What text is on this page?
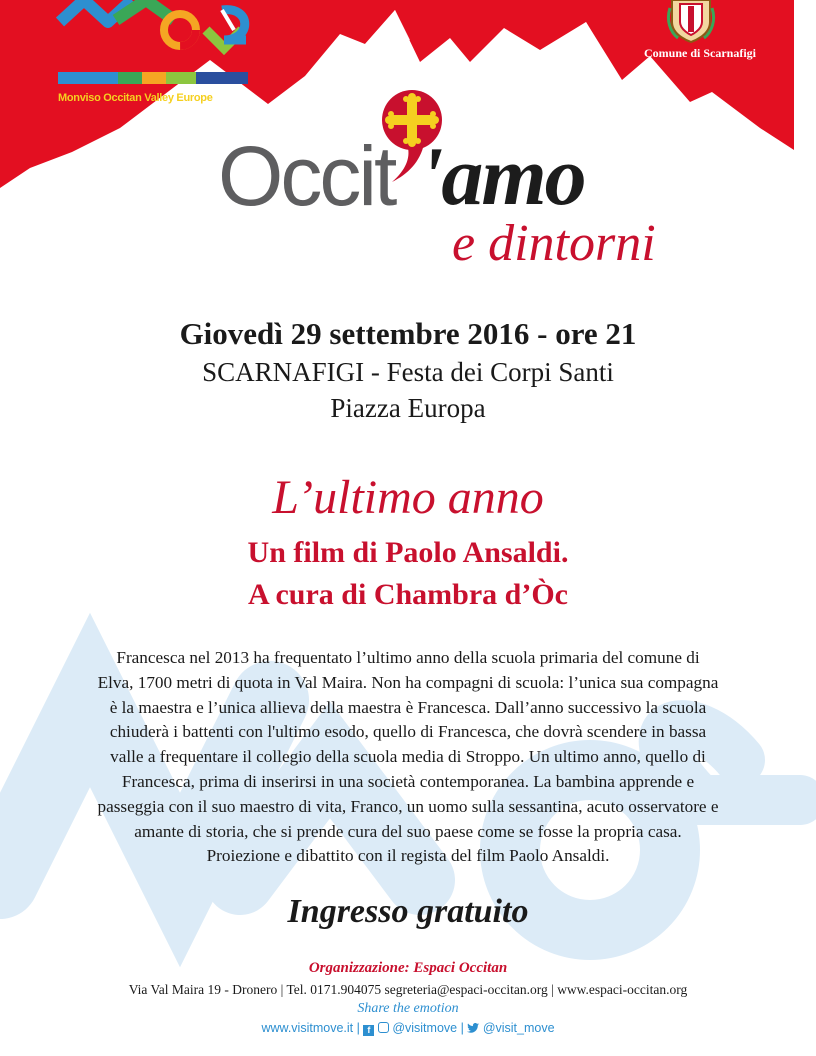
Monviso Occitan Valley Europe
Comune di Scarnafigi
Occit 'amo
e dintorni
Giovedì 29 settembre 2016 - ore 21
SCARNAFIGI - Festa dei Corpi Santi
Piazza Europa
L’ultimo anno
Un film di Paolo Ansaldi.
A cura di Chambra d’Òc
Francesca nel 2013 ha frequentato l’ultimo anno della scuola primaria del comune di
Elva, 1700 metri di quota in Val Maira. Non ha compagni di scuola: l’unica sua compagna
è la maestra e l’unica allieva della maestra è Francesca. Dall’anno successivo la scuola
chiuderà i battenti con l'ultimo esodo, quello di Francesca, che dovrà scendere in bassa
valle a frequentare il collegio della scuola media di Stroppo. Un ultimo anno, quello di
Francesca, prima di inserirsi in una società contemporanea. La bambina apprende e
passeggia con il suo maestro di vita, Franco, un uomo sulla sessantina, acuto osservatore e
amante di storia, che si prende cura del suo paese come se fosse la propria casa.
Proiezione e dibattito con il regista del film Paolo Ansaldi.
Ingresso gratuito
Organizzazione: Espaci Occitan
Via Val Maira 19 - Dronero | Tel. 0171.904075 segreteria@espaci-occitan.org | www.espaci-occitan.org
Share the emotion
www.visitmove.it | f @visitmove | @visit_move
